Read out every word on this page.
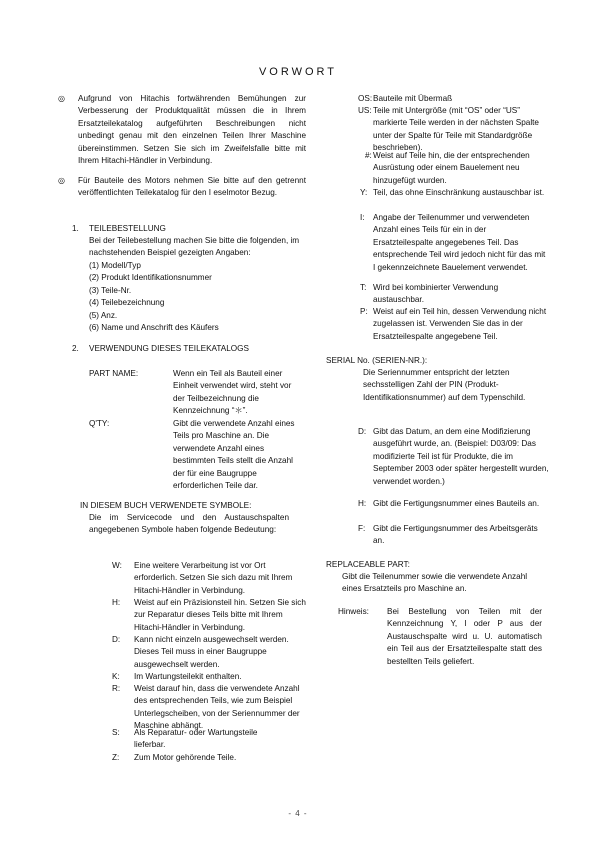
VORWORT
◎ Aufgrund von Hitachis fortwährenden Bemühungen zur Verbesserung der Produktqualität müssen die in Ihrem Ersatzteilekatalog aufgeführten Beschreibungen nicht unbedingt genau mit den einzelnen Teilen Ihrer Maschine übereinstimmen. Setzen Sie sich im Zweifelsfalle bitte mit Ihrem Hitachi-Händler in Verbindung.
◎ Für Bauteile des Motors nehmen Sie bitte auf den getrennt veröffentlichten Teilekatalog für den I eselmotor Bezug.
1. TEILEBESTELLUNG
Bei der Teilebestellung machen Sie bitte die folgenden, im nachstehenden Beispiel gezeigten Angaben:
(1) Modell/Typ
(2) Produkt Identifikationsnummer
(3) Teile-Nr.
(4) Teilebezeichnung
(5) Anz.
(6) Name und Anschrift des Käufers
2. VERWENDUNG DIESES TEILEKATALOGS
PART NAME:	Wenn ein Teil als Bauteil einer Einheit verwendet wird, steht vor der Teilbezeichnung die Kennzeichnung “＊”.
Q'TY:	Gibt die verwendete Anzahl eines Teils pro Maschine an. Die verwendete Anzahl eines bestimmten Teils stellt die Anzahl der für eine Baugruppe erforderlichen Teile dar.
IN DIESEM BUCH VERWENDETE SYMBOLE:
Die im Servicecode und den Austauschspalten angegebenen Symbole haben folgende Bedeutung:
W: Eine weitere Verarbeitung ist vor Ort erforderlich. Setzen Sie sich dazu mit Ihrem Hitachi-Händler in Verbindung.
H: Weist auf ein Präzisionsteil hin. Setzen Sie sich zur Reparatur dieses Teils bitte mit Ihrem Hitachi-Händler in Verbindung.
D: Kann nicht einzeln ausgewechselt werden. Dieses Teil muss in einer Baugruppe ausgewechselt werden.
K: Im Wartungsteilekit enthalten.
R: Weist darauf hin, dass die verwendete Anzahl des entsprechenden Teils, wie zum Beispiel Unterlegscheiben, von der Seriennummer der Maschine abhängt.
S: Als Reparatur- oder Wartungsteile lieferbar.
Z: Zum Motor gehörende Teile.
OS: Bauteile mit Übermaß
US: Teile mit Untergröße (mit “OS” oder “US” markierte Teile werden in der nächsten Spalte unter der Spalte für Teile mit Standardgröße beschrieben).
#: Weist auf Teile hin, die der entsprechenden Ausrüstung oder einem Bauelement neu hinzugefügt wurden.
Y: Teil, das ohne Einschränkung austauschbar ist.
I: Angabe der Teilenummer und verwendeten Anzahl eines Teils für ein in der Ersatzteilespalte angegebenes Teil. Das entsprechende Teil wird jedoch nicht für das mit I gekennzeichnete Bauelement verwendet.
T: Wird bei kombinierter Verwendung austauschbar.
P: Weist auf ein Teil hin, dessen Verwendung nicht zugelassen ist. Verwenden Sie das in der Ersatzteilespalte angegebene Teil.
SERIAL No. (SERIEN-NR.):
Die Seriennummer entspricht der letzten sechsstelligen Zahl der PIN (Produkt-Identifikationsnummer) auf dem Typenschild.
D: Gibt das Datum, an dem eine Modifizierung ausgeführt wurde, an. (Beispiel: D03/09: Das modifizierte Teil ist für Produkte, die im September 2003 oder später hergestellt wurden, verwendet worden.)
H: Gibt die Fertigungsnummer eines Bauteils an.
F: Gibt die Fertigungsnummer des Arbeitsgeräts an.
REPLACEABLE PART:
Gibt die Teilenummer sowie die verwendete Anzahl eines Ersatzteils pro Maschine an.
Hinweis: Bei Bestellung von Teilen mit der Kennzeichnung Y, I oder P aus der Austauschspalte wird u. U. automatisch ein Teil aus der Ersatzteilespalte statt des bestellten Teils geliefert.
- 4 -
